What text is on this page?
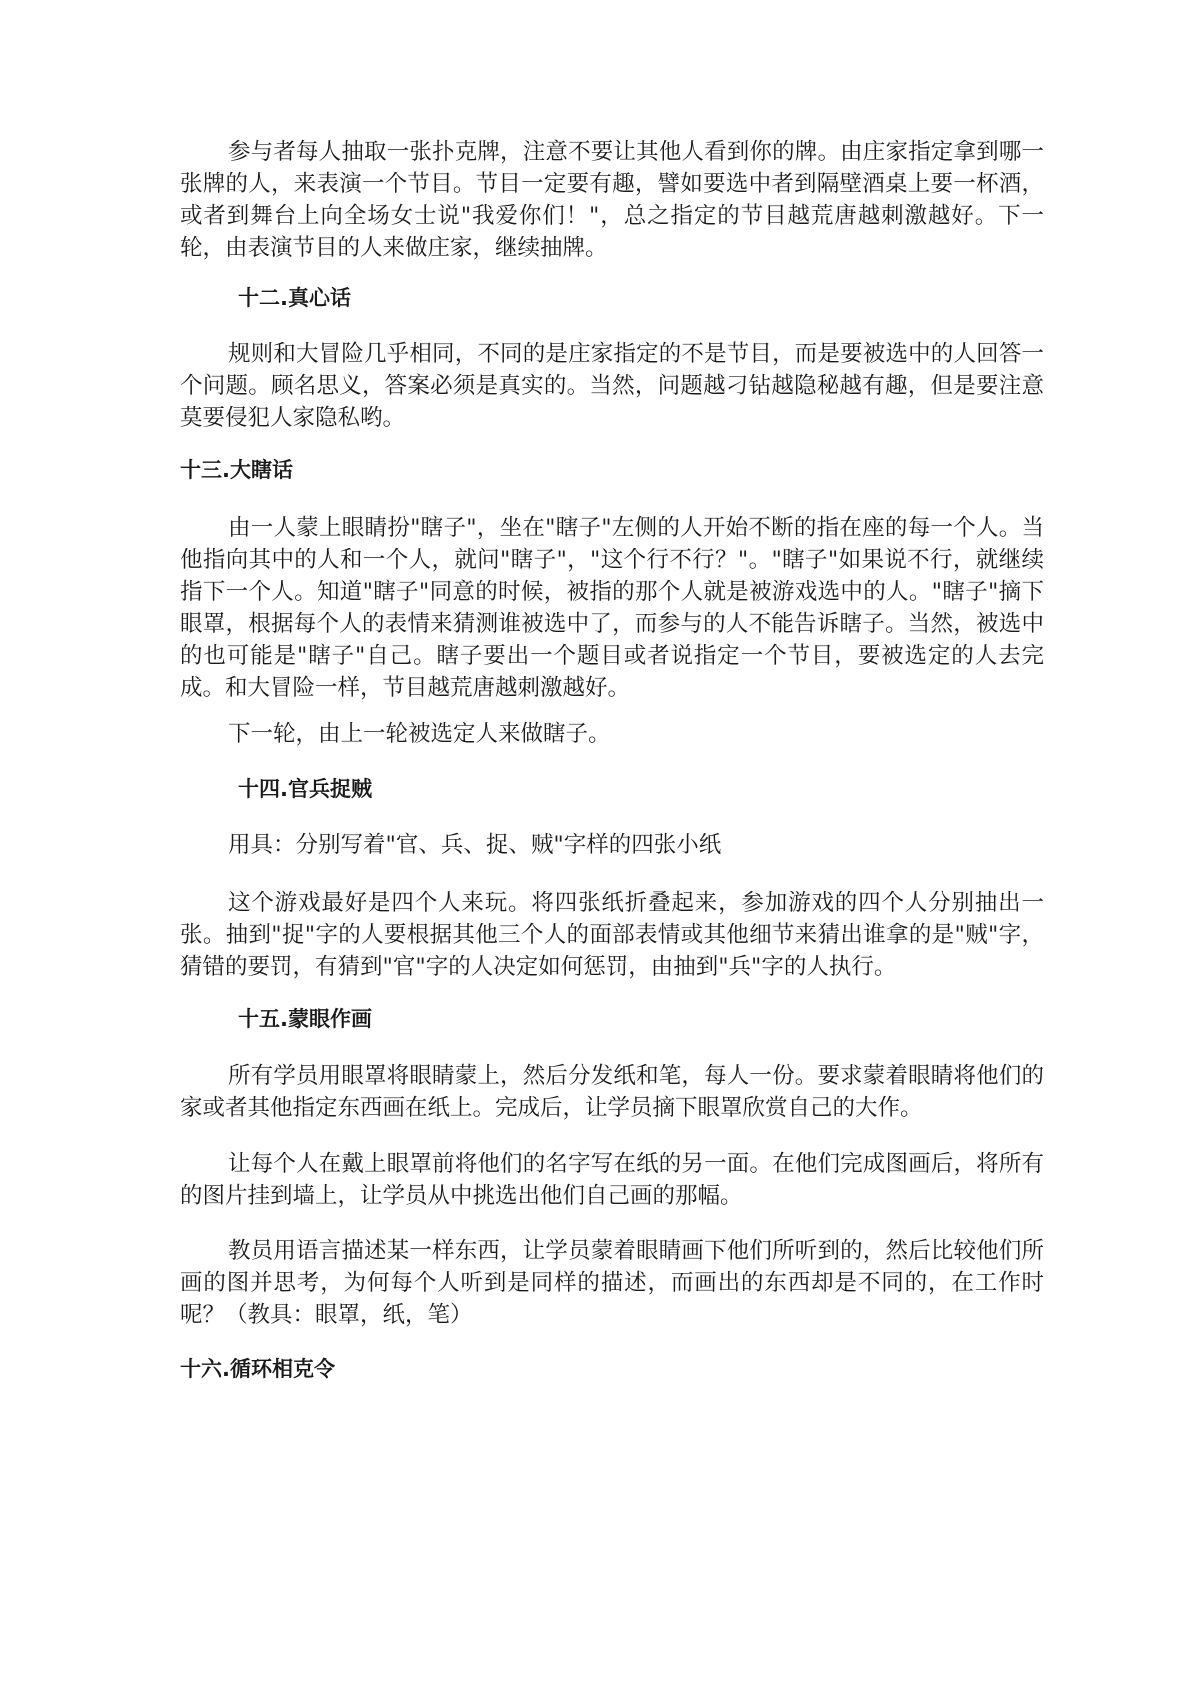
参与者每人抽取一张扑克牌，注意不要让其他人看到你的牌。由庄家指定拿到哪一张牌的人，来表演一个节目。节目一定要有趣，譬如要选中者到隔壁酒桌上要一杯酒，或者到舞台上向全场女士说"我爱你们！"，总之指定的节目越荒唐越刺激越好。下一轮，由表演节目的人来做庄家，继续抽牌。

十二.真心话

规则和大冒险几乎相同，不同的是庄家指定的不是节目，而是要被选中的人回答一个问题。顾名思义，答案必须是真实的。当然，问题越刁钻越隐秘越有趣，但是要注意莫要侵犯人家隐私哟。

十三.大瞎话

由一人蒙上眼睛扮"瞎子"，坐在"瞎子"左侧的人开始不断的指在座的每一个人。当他指向其中的人和一个人，就问"瞎子"，"这个行不行？"。"瞎子"如果说不行，就继续指下一个人。知道"瞎子"同意的时候，被指的那个人就是被游戏选中的人。"瞎子"摘下眼罩，根据每个人的表情来猜测谁被选中了，而参与的人不能告诉瞎子。当然，被选中的也可能是"瞎子"自己。瞎子要出一个题目或者说指定一个节目，要被选定的人去完成。和大冒险一样，节目越荒唐越刺激越好。

下一轮，由上一轮被选定人来做瞎子。

十四.官兵捉贼

用具：分别写着"官、兵、捉、贼"字样的四张小纸

这个游戏最好是四个人来玩。将四张纸折叠起来，参加游戏的四个人分别抽出一张。抽到"捉"字的人要根据其他三个人的面部表情或其他细节来猜出谁拿的是"贼"字，猜错的要罚，有猜到"官"字的人决定如何惩罚，由抽到"兵"字的人执行。

十五.蒙眼作画

所有学员用眼罩将眼睛蒙上，然后分发纸和笔，每人一份。要求蒙着眼睛将他们的家或者其他指定东西画在纸上。完成后，让学员摘下眼罩欣赏自己的大作。

让每个人在戴上眼罩前将他们的名字写在纸的另一面。在他们完成图画后，将所有的图片挂到墙上，让学员从中挑选出他们自己画的那幅。

教员用语言描述某一样东西，让学员蒙着眼睛画下他们所听到的，然后比较他们所画的图并思考，为何每个人听到是同样的描述，而画出的东西却是不同的，在工作时呢？（教具：眼罩，纸，笔）

十六.循环相克令
